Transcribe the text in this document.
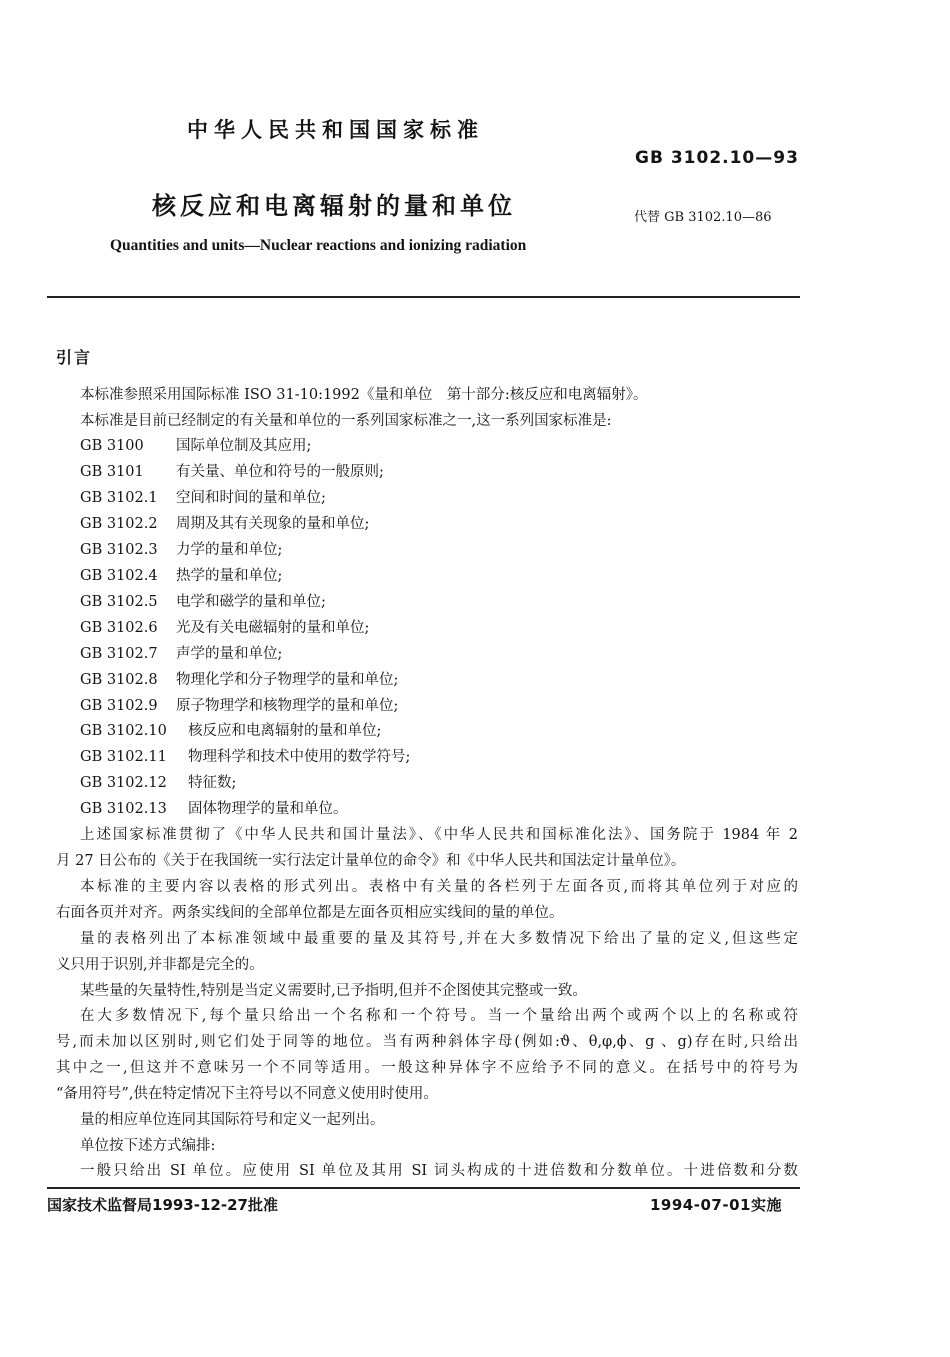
中华人民共和国国家标准
GB 3102.10—93
核反应和电离辐射的量和单位	代替 GB 3102.10—86
Quantities and units—Nuclear reactions and ionizing radiation
引言
本标准参照采用国际标准 ISO 31-10:1992《量和单位　第十部分:核反应和电离辐射》。
本标准是目前已经制定的有关量和单位的一系列国家标准之一,这一系列国家标准是:
GB 3100 国际单位制及其应用;
GB 3101 有关量、单位和符号的一般原则;
GB 3102.1 空间和时间的量和单位;
GB 3102.2 周期及其有关现象的量和单位;
GB 3102.3 力学的量和单位;
GB 3102.4 热学的量和单位;
GB 3102.5 电学和磁学的量和单位;
GB 3102.6 光及有关电磁辐射的量和单位;
GB 3102.7 声学的量和单位;
GB 3102.8 物理化学和分子物理学的量和单位;
GB 3102.9 原子物理学和核物理学的量和单位;
GB 3102.10 核反应和电离辐射的量和单位;
GB 3102.11 物理科学和技术中使用的数学符号;
GB 3102.12 特征数;
GB 3102.13 固体物理学的量和单位。
上述国家标准贯彻了《中华人民共和国计量法》、《中华人民共和国标准化法》、国务院于 1984 年 2
月 27 日公布的《关于在我国统一实行法定计量单位的命令》和《中华人民共和国法定计量单位》。
本标准的主要内容以表格的形式列出。表格中有关量的各栏列于左面各页,而将其单位列于对应的
右面各页并对齐。两条实线间的全部单位都是左面各页相应实线间的量的单位。
量的表格列出了本标准领域中最重要的量及其符号,并在大多数情况下给出了量的定义,但这些定
义只用于识别,并非都是完全的。
某些量的矢量特性,特别是当定义需要时,已予指明,但并不企图使其完整或一致。
在大多数情况下,每个量只给出一个名称和一个符号。当一个量给出两个或两个以上的名称或符
号,而未加以区别时,则它们处于同等的地位。当有两种斜体字母(例如:ϑ、θ,φ,ϕ、g 、g)存在时,只给出
其中之一,但这并不意味另一个不同等适用。一般这种异体字不应给予不同的意义。在括号中的符号为
“备用符号”,供在特定情况下主符号以不同意义使用时使用。
量的相应单位连同其国际符号和定义一起列出。
单位按下述方式编排:
一般只给出 SI 单位。应使用 SI 单位及其用 SI 词头构成的十进倍数和分数单位。十进倍数和分数
国家技术监督局1993-12-27批准	1994-07-01实施
